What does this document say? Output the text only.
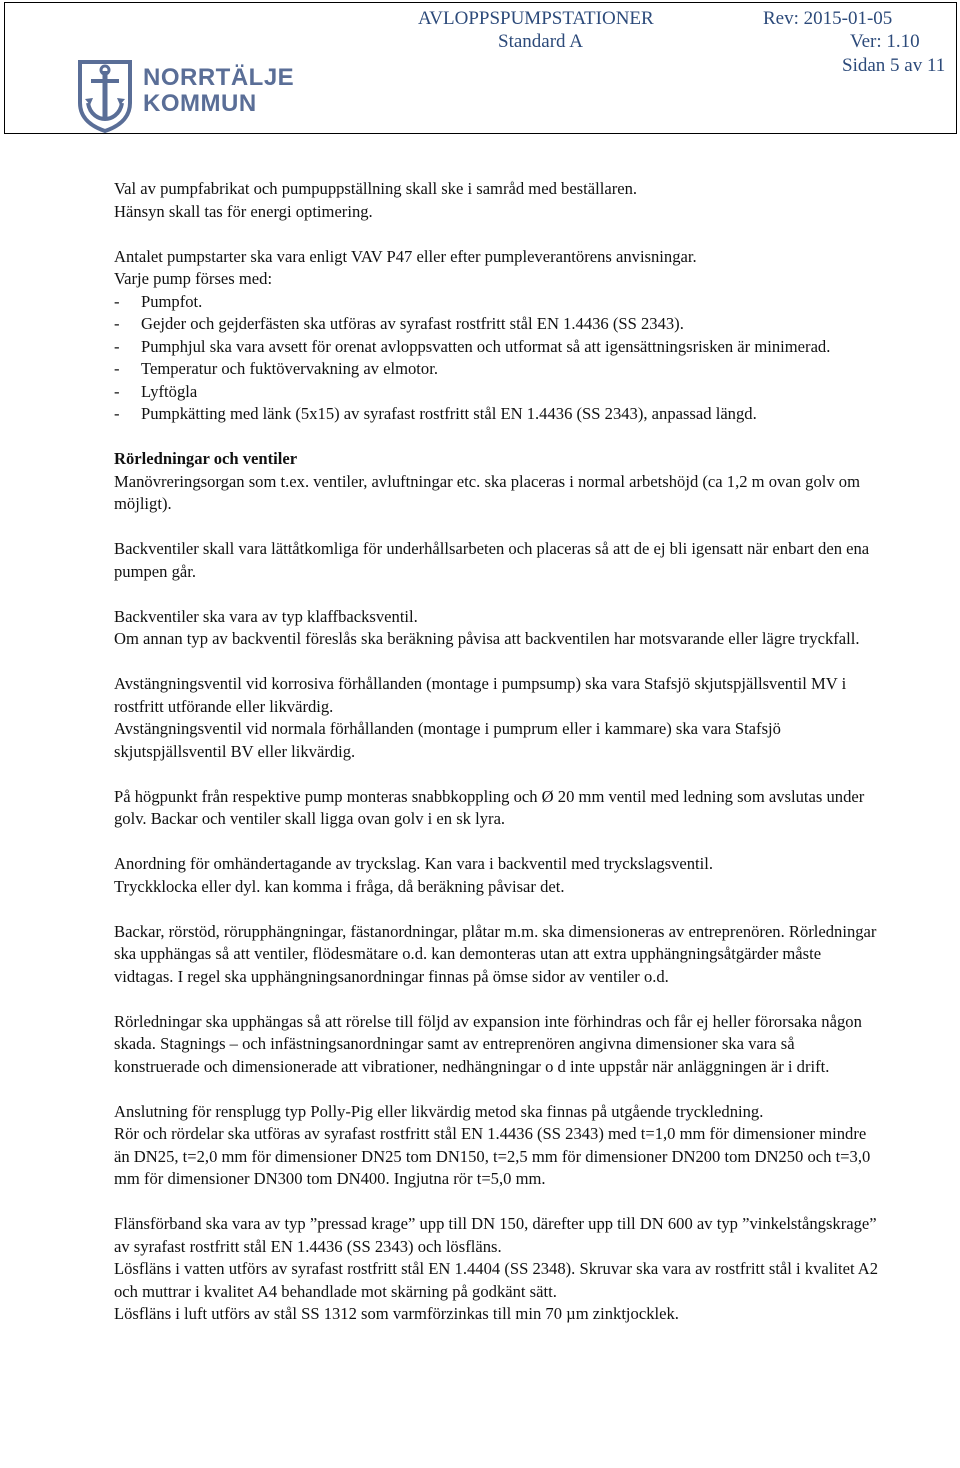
NORRTÄLJE
KOMMUN
AVLOPPSPUMPSTATIONER	Rev: 2015-01-05
Standard A	Ver: 1.10
Sidan 5 av 11

Val av pumpfabrikat och pumpuppställning skall ske i samråd med beställaren.

Hänsyn skall tas för energi optimering.

Antalet pumpstarter ska vara enligt VAV P47 eller efter pumpleverantörens anvisningar.

Varje pump förses med:

- Pumpfot.

- Gejder och gejderfästen ska utföras av syrafast rostfritt stål EN 1.4436 (SS 2343).

- Pumphjul ska vara avsett för orenat avloppsvatten och utformat så att igensättningsrisken är minimerad.

- Temperatur och fuktövervakning av elmotor.

- Lyftögla

- Pumpkätting med länk (5x15) av syrafast rostfritt stål EN 1.4436 (SS 2343), anpassad längd.

Rörledningar och ventiler

Manövreringsorgan som t.ex. ventiler, avluftningar etc. ska placeras i normal arbetshöjd (ca 1,2 m ovan golv om möjligt).

Backventiler skall vara lättåtkomliga för underhållsarbeten och placeras så att de ej bli igensatt när enbart den ena pumpen går.

Backventiler ska vara av typ klaffbacksventil.

Om annan typ av backventil föreslås ska beräkning påvisa att backventilen har motsvarande eller lägre tryckfall.

Avstängningsventil vid korrosiva förhållanden (montage i pumpsump) ska vara Stafsjö skjutspjällsventil MV i rostfritt utförande eller likvärdig.

Avstängningsventil vid normala förhållanden (montage i pumprum eller i kammare) ska vara Stafsjö skjutspjällsventil BV eller likvärdig.

På högpunkt från respektive pump monteras snabbkoppling och Ø 20 mm ventil med ledning som avslutas under golv. Backar och ventiler skall ligga ovan golv i en sk lyra.

Anordning för omhändertagande av tryckslag. Kan vara i backventil med tryckslagsventil.

Tryckklocka eller dyl. kan komma i fråga, då beräkning påvisar det.

Backar, rörstöd, rörupphängningar, fästanordningar, plåtar m.m. ska dimensioneras av entreprenören. Rörledningar ska upphängas så att ventiler, flödesmätare o.d. kan demonteras utan att extra upphängningsåtgärder måste vidtagas. I regel ska upphängningsanordningar finnas på ömse sidor av ventiler o.d.

Rörledningar ska upphängas så att rörelse till följd av expansion inte förhindras och får ej heller förorsaka någon skada. Stagnings – och infästningsanordningar samt av entreprenören angivna dimensioner ska vara så konstruerade och dimensionerade att vibrationer, nedhängningar o d inte uppstår när anläggningen är i drift.

Anslutning för rensplugg typ Polly-Pig eller likvärdig metod ska finnas på utgående tryckledning.

Rör och rördelar ska utföras av syrafast rostfritt stål EN 1.4436 (SS 2343) med t=1,0 mm för dimensioner mindre än DN25, t=2,0 mm för dimensioner DN25 tom DN150, t=2,5 mm för dimensioner DN200 tom DN250 och t=3,0 mm för dimensioner DN300 tom DN400. Ingjutna rör t=5,0 mm.

Flänsförband ska vara av typ ”pressad krage” upp till DN 150, därefter upp till DN 600 av typ ”vinkelstångskrage” av syrafast rostfritt stål EN 1.4436 (SS 2343) och lösfläns.

Lösfläns i vatten utförs av syrafast rostfritt stål EN 1.4404 (SS 2348). Skruvar ska vara av rostfritt stål i kvalitet A2 och muttrar i kvalitet A4 behandlade mot skärning på godkänt sätt.

Lösfläns i luft utförs av stål SS 1312 som varmförzinkas till min 70 µm zinktjocklek.
